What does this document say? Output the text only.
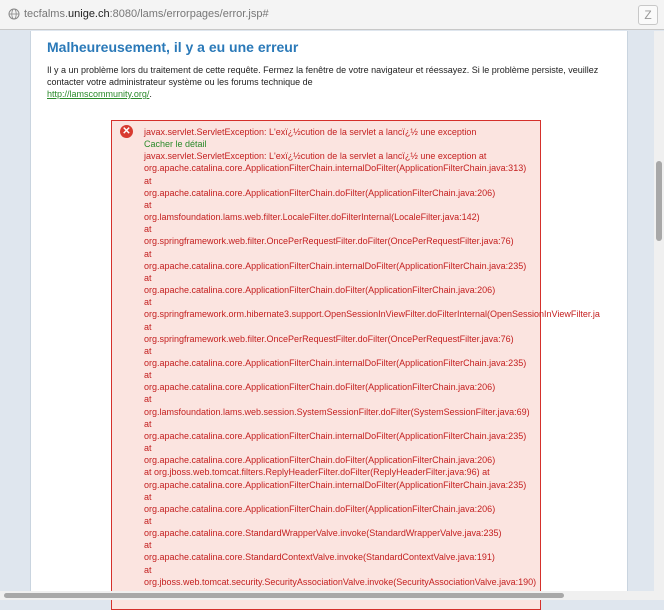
tecfalms.unige.ch:8080/lams/errorpages/error.jsp#	Z
Malheureusement, il y a eu une erreur
Il y a un problème lors du traitement de cette requête. Fermez la fenêtre de votre navigateur et réessayez. Si le problème persiste, veuillez contacter votre administrateur système ou les forums technique de
http://lamscommunity.org/.
✕ javax.servlet.ServletException: L'exï¿½cution de la servlet a lancï¿½ une exception
Cacher le détail
javax.servlet.ServletException: L'exï¿½cution de la servlet a lancï¿½ une exception at
org.apache.catalina.core.ApplicationFilterChain.internalDoFilter(ApplicationFilterChain.java:313)
at
org.apache.catalina.core.ApplicationFilterChain.doFilter(ApplicationFilterChain.java:206)
at
org.lamsfoundation.lams.web.filter.LocaleFilter.doFilterInternal(LocaleFilter.java:142)
at
org.springframework.web.filter.OncePerRequestFilter.doFilter(OncePerRequestFilter.java:76)
at
org.apache.catalina.core.ApplicationFilterChain.internalDoFilter(ApplicationFilterChain.java:235)
at
org.apache.catalina.core.ApplicationFilterChain.doFilter(ApplicationFilterChain.java:206)
at
org.springframework.orm.hibernate3.support.OpenSessionInViewFilter.doFilterInternal(OpenSessionInViewFilter.ja
at
org.springframework.web.filter.OncePerRequestFilter.doFilter(OncePerRequestFilter.java:76)
at
org.apache.catalina.core.ApplicationFilterChain.internalDoFilter(ApplicationFilterChain.java:235)
at
org.apache.catalina.core.ApplicationFilterChain.doFilter(ApplicationFilterChain.java:206)
at
org.lamsfoundation.lams.web.session.SystemSessionFilter.doFilter(SystemSessionFilter.java:69)
at
org.apache.catalina.core.ApplicationFilterChain.internalDoFilter(ApplicationFilterChain.java:235)
at
org.apache.catalina.core.ApplicationFilterChain.doFilter(ApplicationFilterChain.java:206)
at org.jboss.web.tomcat.filters.ReplyHeaderFilter.doFilter(ReplyHeaderFilter.java:96) at
org.apache.catalina.core.ApplicationFilterChain.internalDoFilter(ApplicationFilterChain.java:235)
at
org.apache.catalina.core.ApplicationFilterChain.doFilter(ApplicationFilterChain.java:206)
at
org.apache.catalina.core.StandardWrapperValve.invoke(StandardWrapperValve.java:235)
at
org.apache.catalina.core.StandardContextValve.invoke(StandardContextValve.java:191)
at
org.jboss.web.tomcat.security.SecurityAssociationValve.invoke(SecurityAssociationValve.java:190)
